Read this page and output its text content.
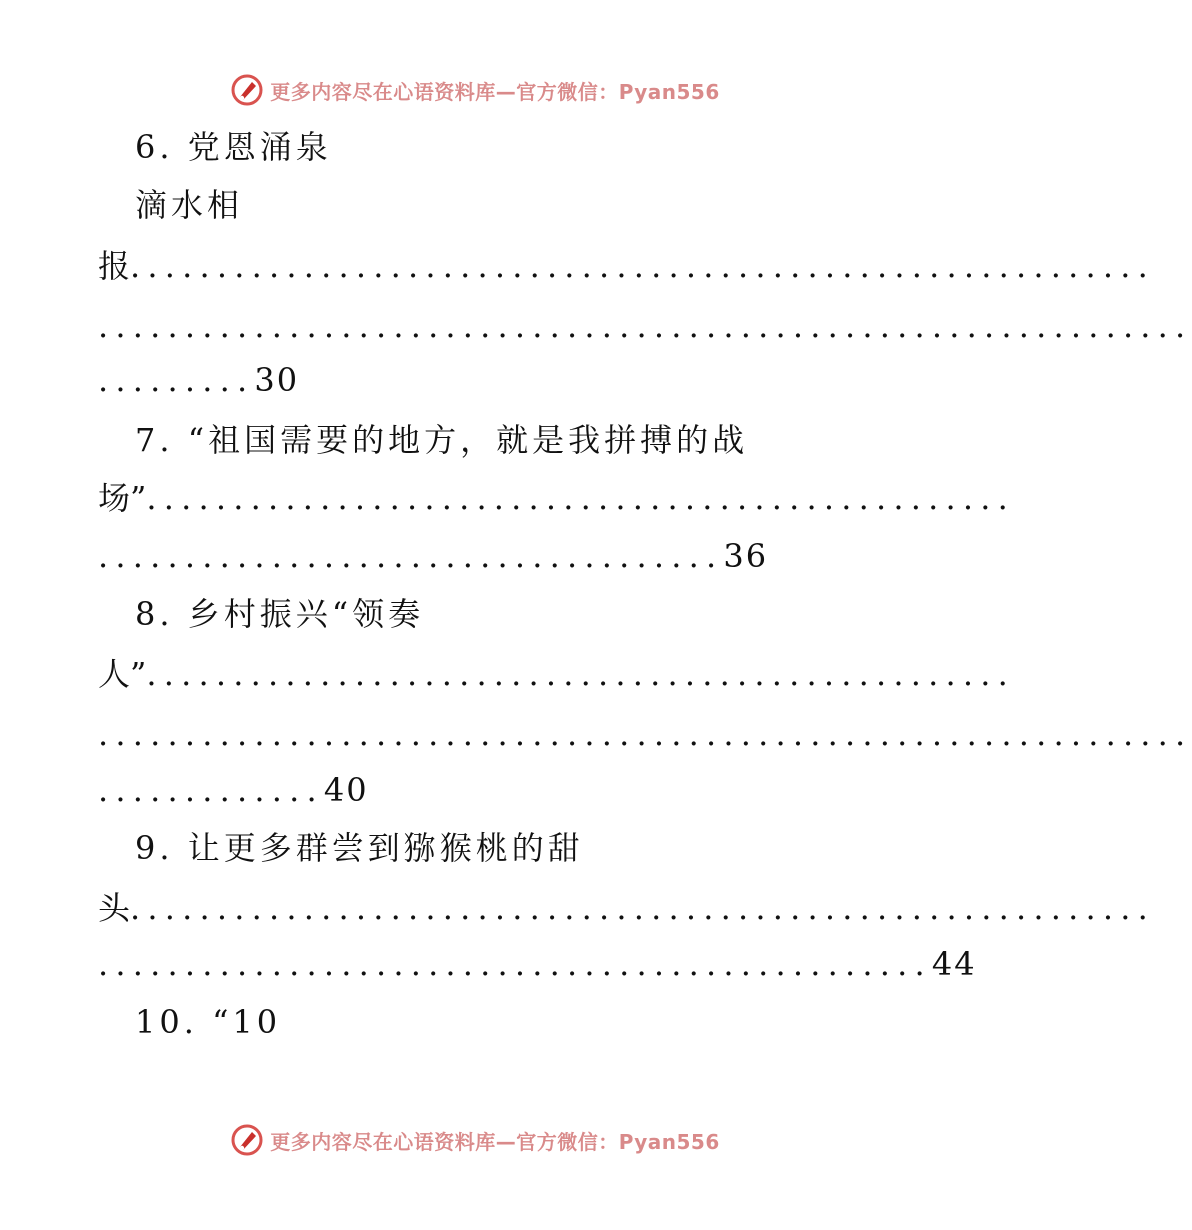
更多内容尽在心语资料库—官方微信：Pyan556
6. 党恩涌泉
滴水相
报...........................................................
...............................................................
.........30
7. “祖国需要的地方，就是我拼搏的战
场”..................................................
....................................36
8. 乡村振兴“领奏
人”..................................................
...............................................................
.............40
9. 让更多群尝到猕猴桃的甜
头...........................................................
................................................44
10. “10
更多内容尽在心语资料库—官方微信：Pyan556
